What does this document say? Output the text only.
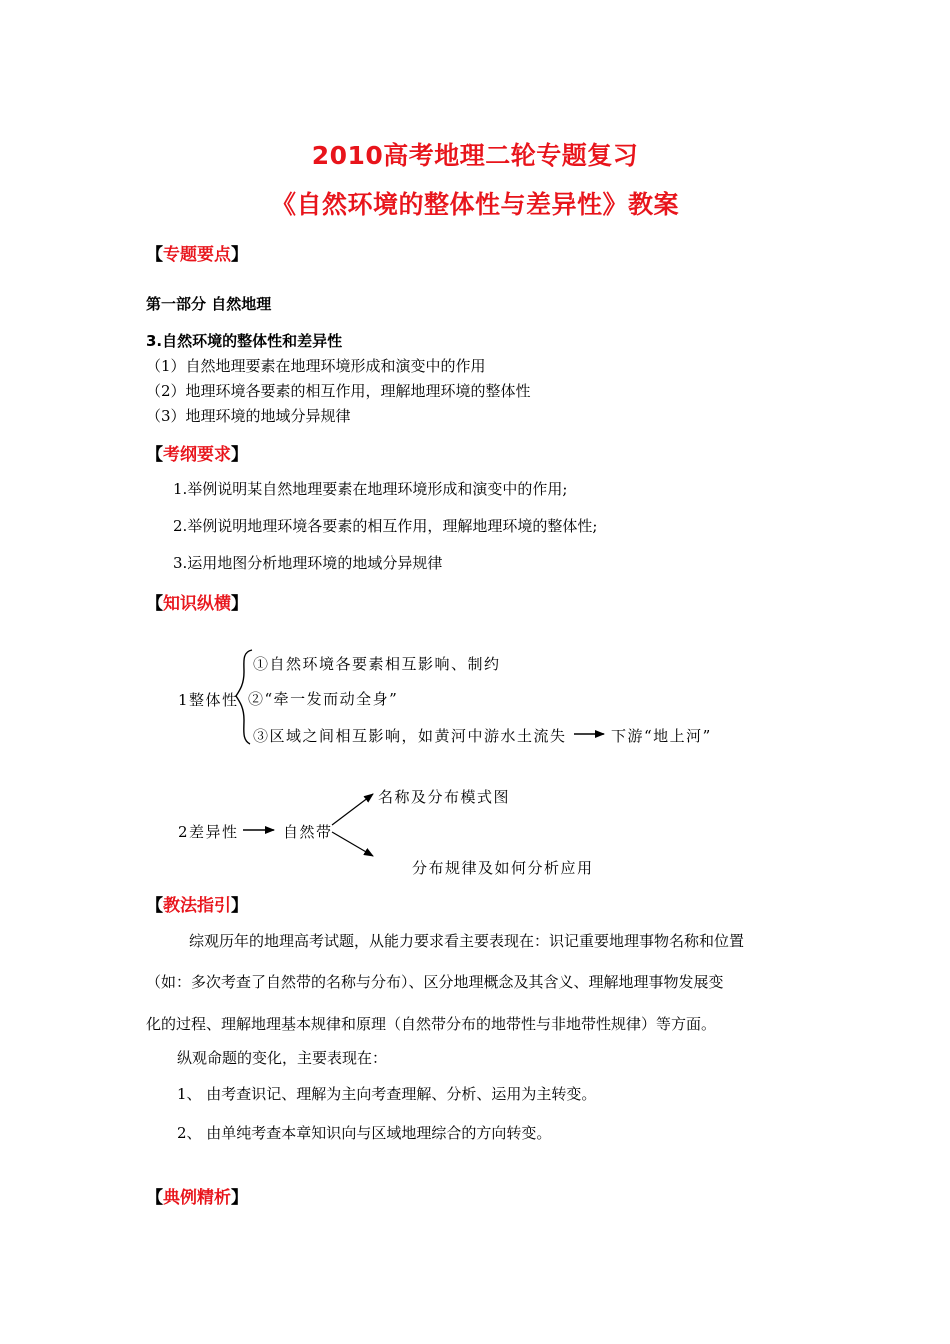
2010高考地理二轮专题复习
《自然环境的整体性与差异性》教案
【专题要点】
第一部分 自然地理
3.自然环境的整体性和差异性
（1）自然地理要素在地理环境形成和演变中的作用
（2）地理环境各要素的相互作用，理解地理环境的整体性
（3）地理环境的地域分异规律
【考纲要求】
1.举例说明某自然地理要素在地理环境形成和演变中的作用;
2.举例说明地理环境各要素的相互作用，理解地理环境的整体性;
3.运用地图分析地理环境的地域分异规律
【知识纵横】
1整体性
①自然环境各要素相互影响、制约
②“牵一发而动全身”
③区域之间相互影响，如黄河中游水土流失	下游“地上河”
2差异性	自然带
名称及分布模式图
分布规律及如何分析应用
【教法指引】
综观历年的地理高考试题，从能力要求看主要表现在：识记重要地理事物名称和位置
（如：多次考查了自然带的名称与分布）、区分地理概念及其含义、理解地理事物发展变
化的过程、理解地理基本规律和原理（自然带分布的地带性与非地带性规律）等方面。
纵观命题的变化，主要表现在：
1、 由考查识记、理解为主向考查理解、分析、运用为主转变。
2、 由单纯考查本章知识向与区域地理综合的方向转变。
【典例精析】
